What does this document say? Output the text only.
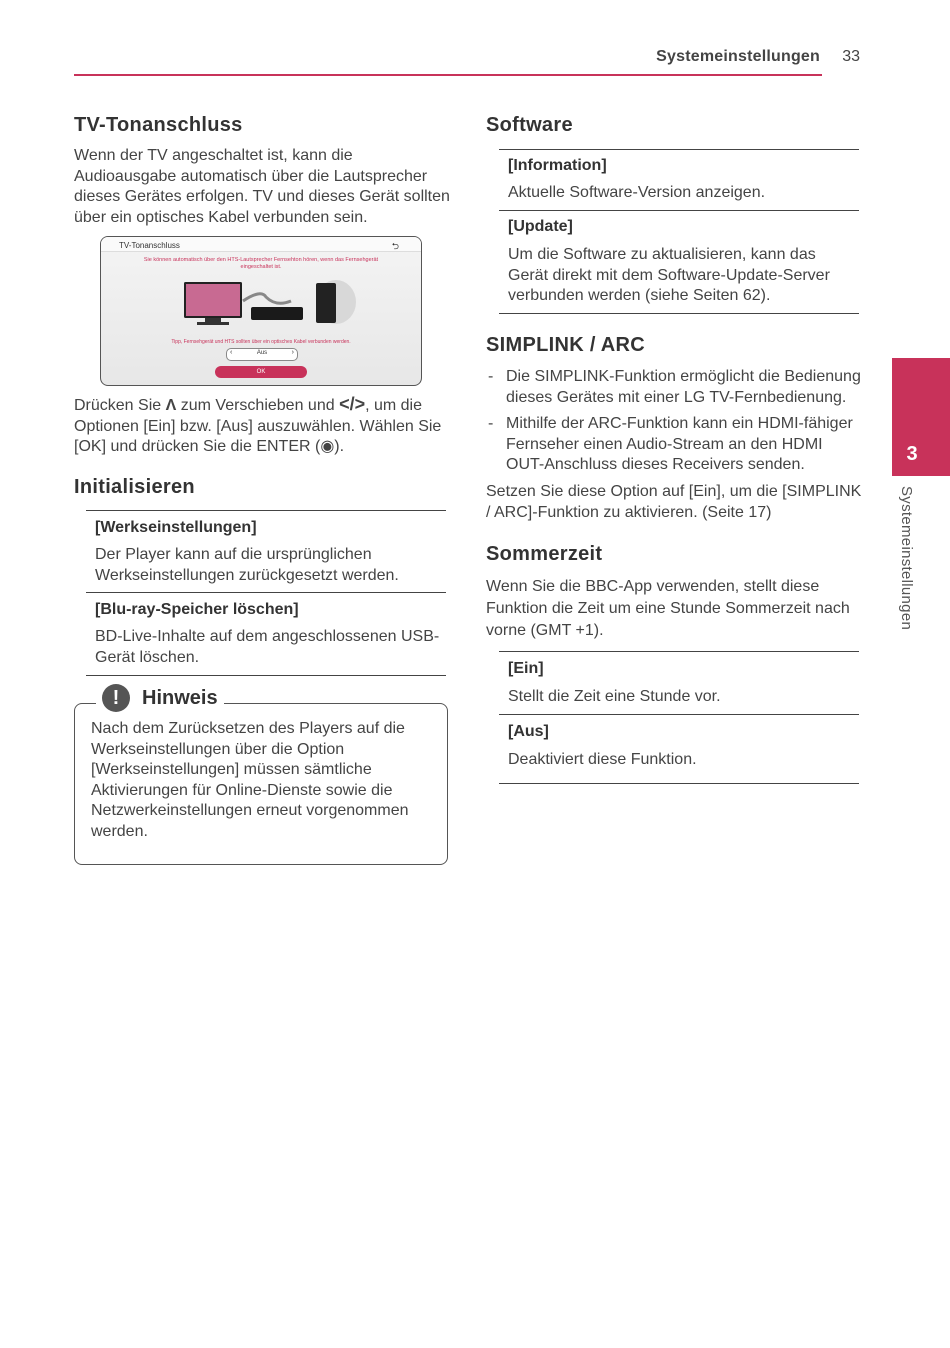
Systemeinstellungen 33
3
Systemeinstellungen
TV-Tonanschluss
Wenn der TV angeschaltet ist, kann die Audioausgabe automatisch über die Lautsprecher dieses Gerätes erfolgen. TV und dieses Gerät sollten über ein optisches Kabel verbunden sein.
TV-Tonanschluss	⮌
Sie können automatisch über den HTS-Lautsprecher Fernsehton hören, wenn das Fernsehgerät eingeschaltet ist.
Tipp, Fernsehgerät und HTS sollten über ein optisches Kabel verbunden werden.
‹	Aus	›
OK
Drücken Sie Λ zum Verschieben und </>, um die Optionen [Ein] bzw. [Aus] auszuwählen. Wählen Sie [OK] und drücken Sie die ENTER (◉).
Initialisieren
[Werkseinstellungen]
Der Player kann auf die ursprünglichen Werkseinstellungen zurückgesetzt werden.
[Blu-ray-Speicher löschen]
BD-Live-Inhalte auf dem angeschlossenen USB-Gerät löschen.
!	Hinweis
Nach dem Zurücksetzen des Players auf die Werkseinstellungen über die Option [Werkseinstellungen] müssen sämtliche Aktivierungen für Online-Dienste sowie die Netzwerkeinstellungen erneut vorgenommen werden.
Software
[Information]
Aktuelle Software-Version anzeigen.
[Update]
Um die Software zu aktualisieren, kann das Gerät direkt mit dem Software-Update-Server verbunden werden (siehe Seiten 62).
SIMPLINK / ARC
- Die SIMPLINK-Funktion ermöglicht die Bedienung dieses Gerätes mit einer LG TV-Fernbedienung.
- Mithilfe der ARC-Funktion kann ein HDMI-fähiger Fernseher einen Audio-Stream an den HDMI OUT-Anschluss dieses Receivers senden.
Setzen Sie diese Option auf [Ein], um die [SIMPLINK / ARC]-Funktion zu aktivieren. (Seite 17)
Sommerzeit
Wenn Sie die BBC-App verwenden, stellt diese Funktion die Zeit um eine Stunde Sommerzeit nach vorne (GMT +1).
[Ein]
Stellt die Zeit eine Stunde vor.
[Aus]
Deaktiviert diese Funktion.
